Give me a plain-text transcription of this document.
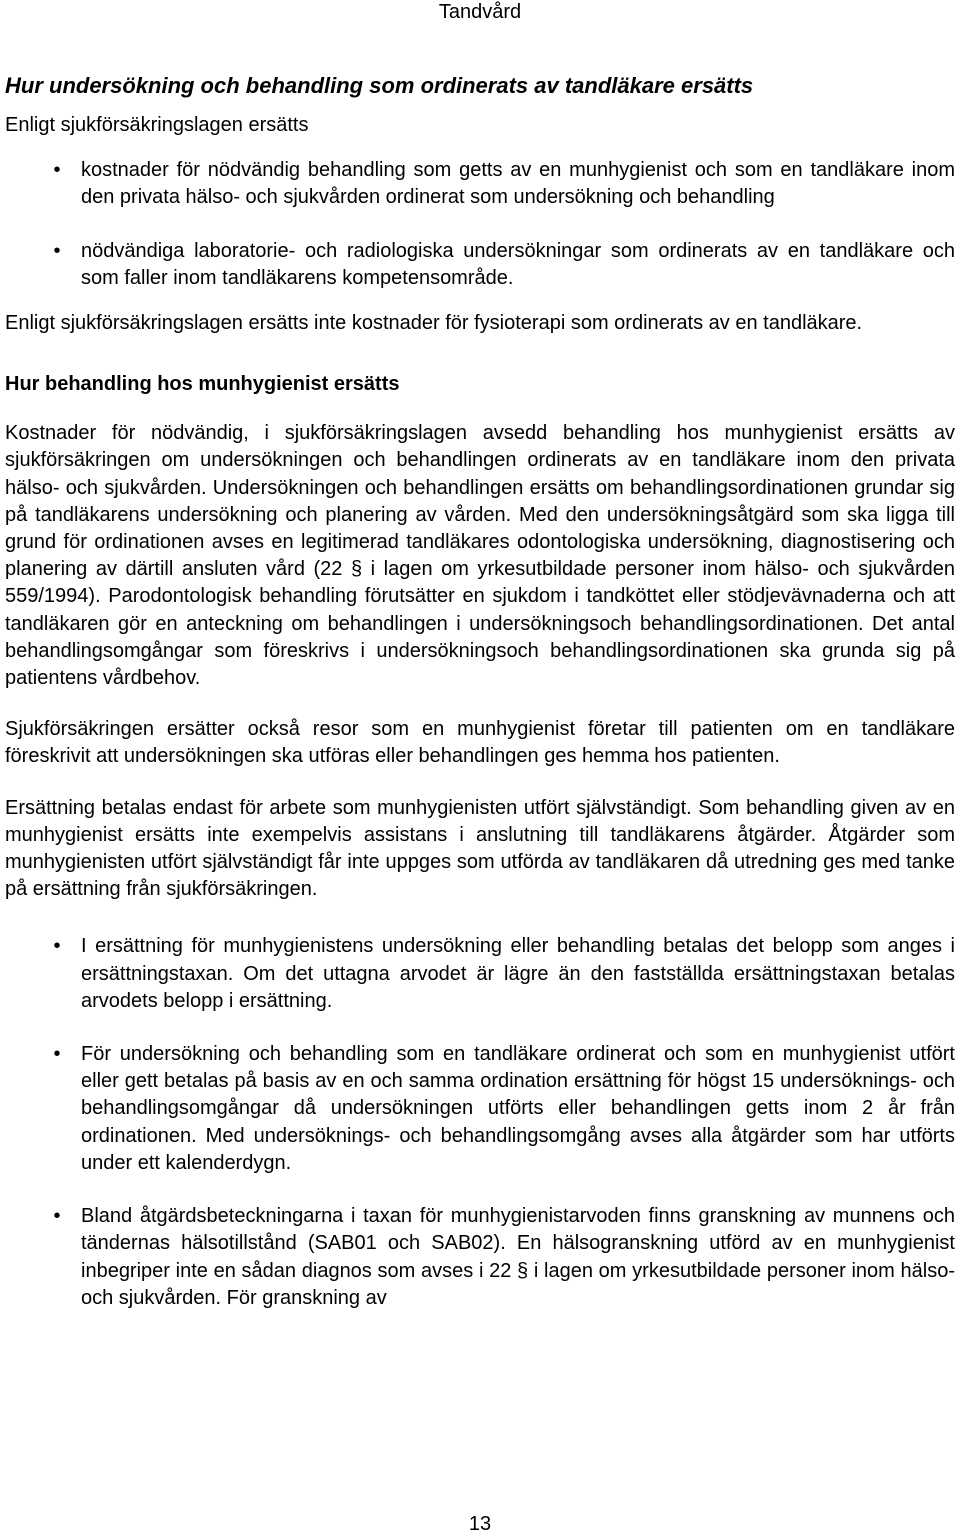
Tandvård
Hur undersökning och behandling som ordinerats av tandläkare ersätts

Enligt sjukförsäkringslagen ersätts

• kostnader för nödvändig behandling som getts av en munhygienist och som en tandläkare inom den privata hälso- och sjukvården ordinerat som undersökning och behandling
• nödvändiga laboratorie- och radiologiska undersökningar som ordinerats av en tandläkare och som faller inom tandläkarens kompetensområde.

Enligt sjukförsäkringslagen ersätts inte kostnader för fysioterapi som ordinerats av en tandläkare.

Hur behandling hos munhygienist ersätts

Kostnader för nödvändig, i sjukförsäkringslagen avsedd behandling hos munhygienist ersätts av sjukförsäkringen om undersökningen och behandlingen ordinerats av en tandläkare inom den privata hälso- och sjukvården. Undersökningen och behandlingen ersätts om behandlingsordinationen grundar sig på tandläkarens undersökning och planering av vården. Med den undersökningsåtgärd som ska ligga till grund för ordinationen avses en legitimerad tandläkares odontologiska undersökning, diagnostisering och planering av därtill ansluten vård (22 § i lagen om yrkesutbildade personer inom hälso- och sjukvården 559/1994). Parodontologisk behandling förutsätter en sjukdom i tandköttet eller stödjevävnaderna och att tandläkaren gör en anteckning om behandlingen i undersökningsoch behandlingsordinationen. Det antal behandlingsomgångar som föreskrivs i undersökningsoch behandlingsordinationen ska grunda sig på patientens vårdbehov.

Sjukförsäkringen ersätter också resor som en munhygienist företar till patienten om en tandläkare föreskrivit att undersökningen ska utföras eller behandlingen ges hemma hos patienten.

Ersättning betalas endast för arbete som munhygienisten utfört självständigt. Som behandling given av en munhygienist ersätts inte exempelvis assistans i anslutning till tandläkarens åtgärder. Åtgärder som munhygienisten utfört självständigt får inte uppges som utförda av tandläkaren då utredning ges med tanke på ersättning från sjukförsäkringen.

• I ersättning för munhygienistens undersökning eller behandling betalas det belopp som anges i ersättningstaxan. Om det uttagna arvodet är lägre än den fastställda ersättningstaxan betalas arvodets belopp i ersättning.
• För undersökning och behandling som en tandläkare ordinerat och som en munhygienist utfört eller gett betalas på basis av en och samma ordination ersättning för högst 15 undersöknings- och behandlingsomgångar då undersökningen utförts eller behandlingen getts inom 2 år från ordinationen. Med undersöknings- och behandlingsomgång avses alla åtgärder som har utförts under ett kalenderdygn.
• Bland åtgärdsbeteckningarna i taxan för munhygienistarvoden finns granskning av munnens och tändernas hälsotillstånd (SAB01 och SAB02). En hälsogranskning utförd av en munhygienist inbegriper inte en sådan diagnos som avses i 22 § i lagen om yrkesutbildade personer inom hälso- och sjukvården. För granskning av
13
